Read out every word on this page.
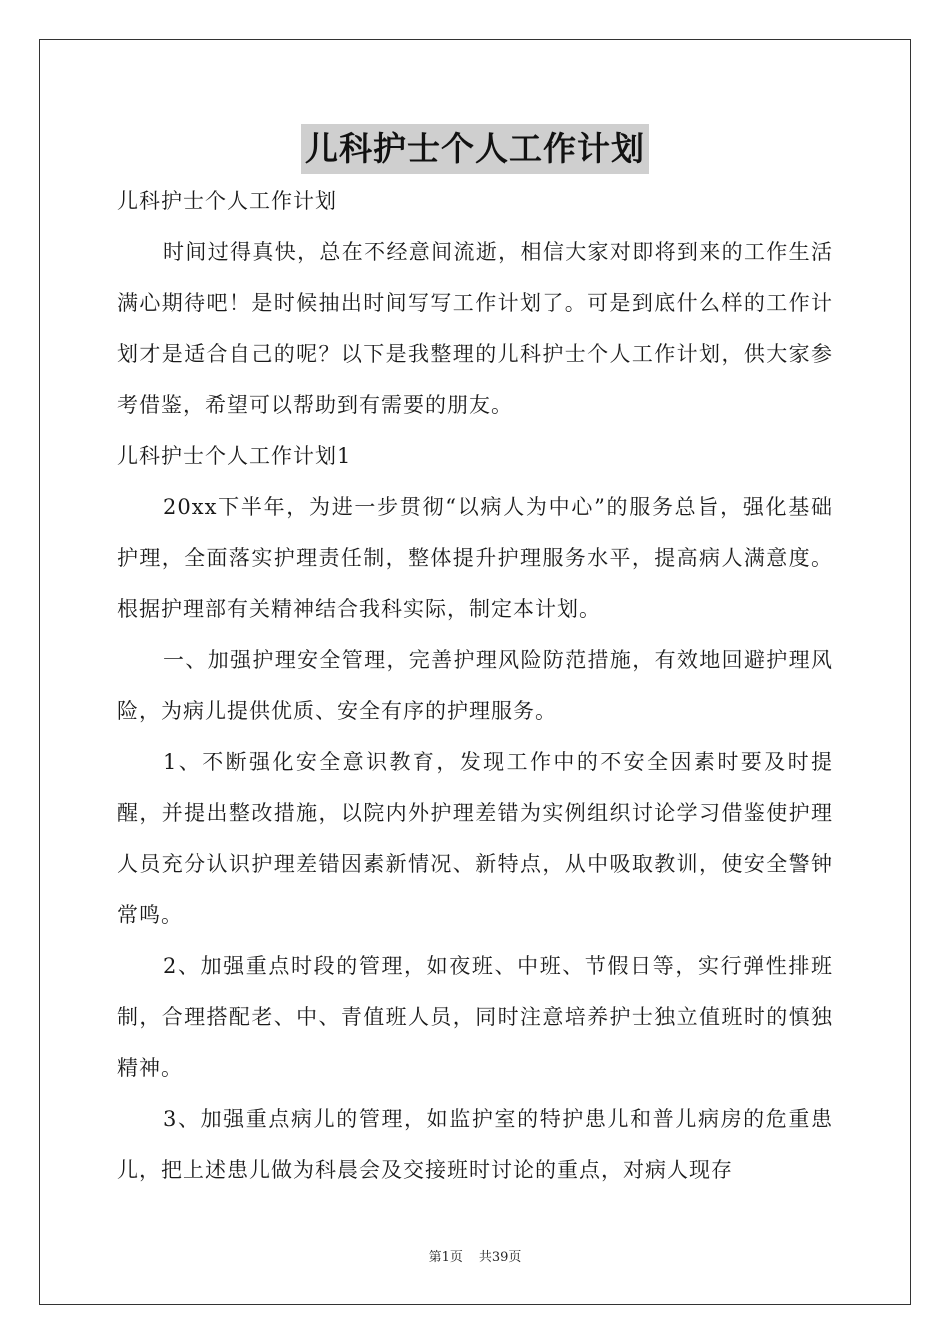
儿科护士个人工作计划

儿科护士个人工作计划

时间过得真快，总在不经意间流逝，相信大家对即将到来的工作生活满心期待吧！是时候抽出时间写写工作计划了。可是到底什么样的工作计划才是适合自己的呢？以下是我整理的儿科护士个人工作计划，供大家参考借鉴，希望可以帮助到有需要的朋友。

儿科护士个人工作计划1

20xx下半年，为进一步贯彻“以病人为中心”的服务总旨，强化基础护理，全面落实护理责任制，整体提升护理服务水平，提高病人满意度。根据护理部有关精神结合我科实际，制定本计划。

一、加强护理安全管理，完善护理风险防范措施，有效地回避护理风险，为病儿提供优质、安全有序的护理服务。

1、不断强化安全意识教育，发现工作中的不安全因素时要及时提醒，并提出整改措施，以院内外护理差错为实例组织讨论学习借鉴使护理人员充分认识护理差错因素新情况、新特点，从中吸取教训，使安全警钟常鸣。

2、加强重点时段的管理，如夜班、中班、节假日等，实行弹性排班制，合理搭配老、中、青值班人员，同时注意培养护士独立值班时的慎独精神。

3、加强重点病儿的管理，如监护室的特护患儿和普儿病房的危重患儿，把上述患儿做为科晨会及交接班时讨论的重点，对病人现存

第1页 共39页
